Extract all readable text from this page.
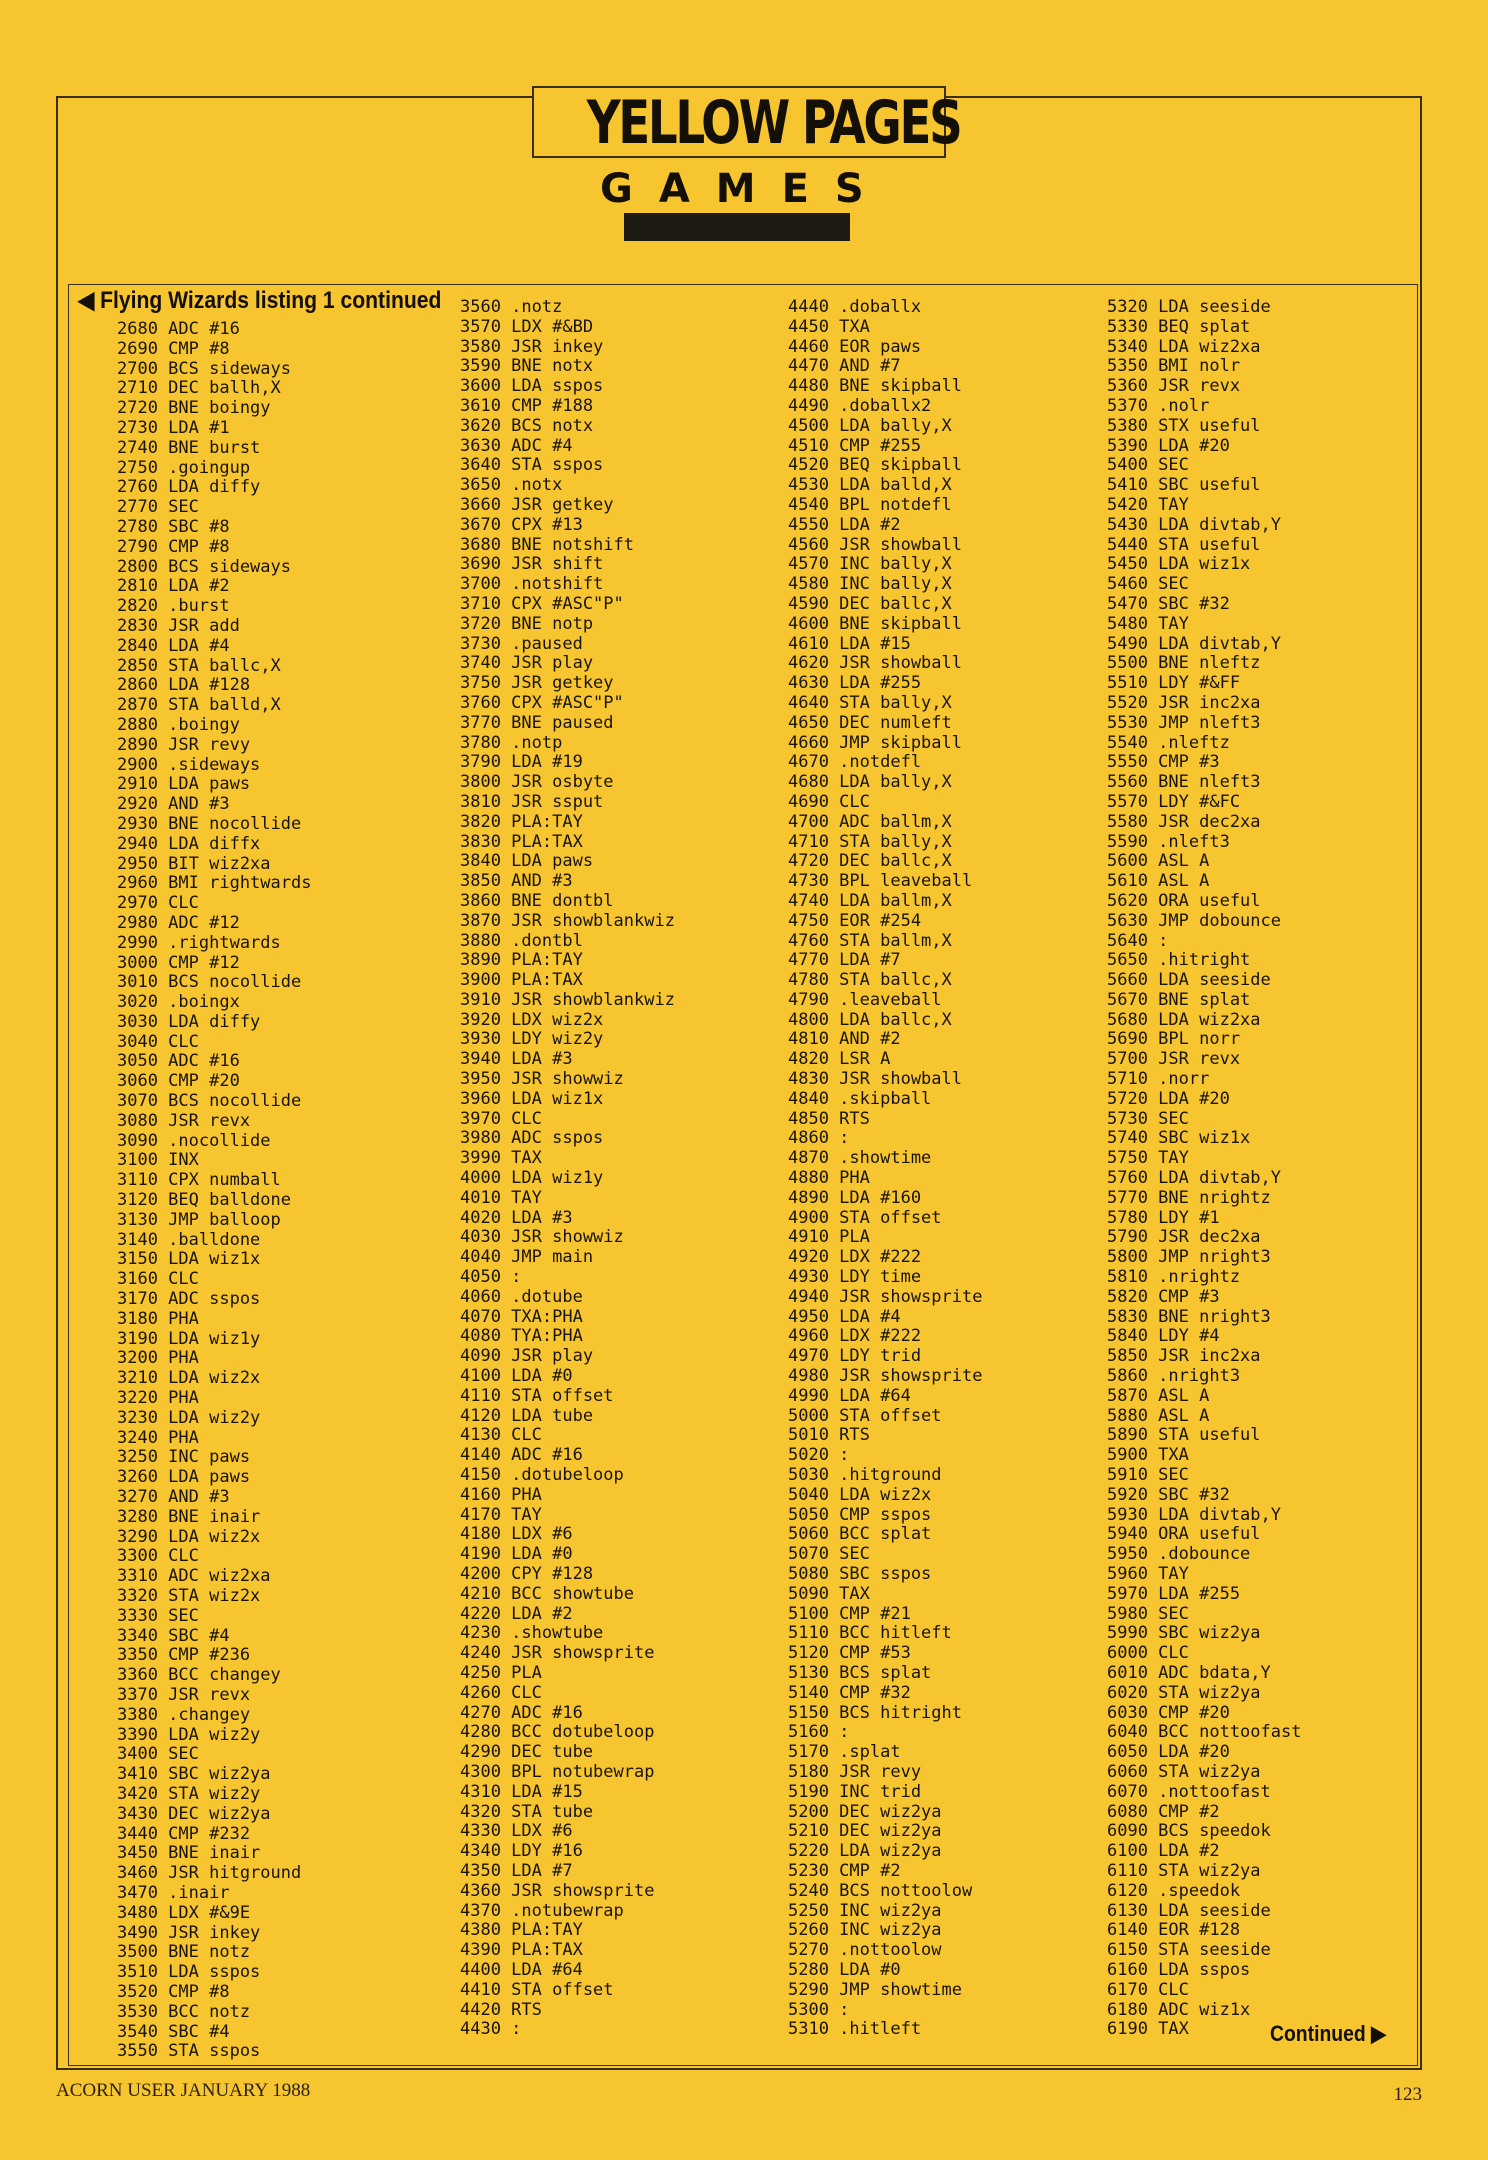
YELLOW PAGES
GAMES
◀ Flying Wizards listing 1 continued
2680 ADC #16
2690 CMP #8
2700 BCS sideways
2710 DEC ballh,X
2720 BNE boingy
2730 LDA #1
2740 BNE burst
2750 .goingup
2760 LDA diffy
2770 SEC
2780 SBC #8
2790 CMP #8
2800 BCS sideways
2810 LDA #2
2820 .burst
2830 JSR add
2840 LDA #4
2850 STA ballc,X
2860 LDA #128
2870 STA balld,X
2880 .boingy
2890 JSR revy
2900 .sideways
2910 LDA paws
2920 AND #3
2930 BNE nocollide
2940 LDA diffx
2950 BIT wiz2xa
2960 BMI rightwards
2970 CLC
2980 ADC #12
2990 .rightwards
3000 CMP #12
3010 BCS nocollide
3020 .boingx
3030 LDA diffy
3040 CLC
3050 ADC #16
3060 CMP #20
3070 BCS nocollide
3080 JSR revx
3090 .nocollide
3100 INX
3110 CPX numball
3120 BEQ balldone
3130 JMP balloop
3140 .balldone
3150 LDA wiz1x
3160 CLC
3170 ADC sspos
3180 PHA
3190 LDA wiz1y
3200 PHA
3210 LDA wiz2x
3220 PHA
3230 LDA wiz2y
3240 PHA
3250 INC paws
3260 LDA paws
3270 AND #3
3280 BNE inair
3290 LDA wiz2x
3300 CLC
3310 ADC wiz2xa
3320 STA wiz2x
3330 SEC
3340 SBC #4
3350 CMP #236
3360 BCC changey
3370 JSR revx
3380 .changey
3390 LDA wiz2y
3400 SEC
3410 SBC wiz2ya
3420 STA wiz2y
3430 DEC wiz2ya
3440 CMP #232
3450 BNE inair
3460 JSR hitground
3470 .inair
3480 LDX #&9E
3490 JSR inkey
3500 BNE notz
3510 LDA sspos
3520 CMP #8
3530 BCC notz
3540 SBC #4
3550 STA sspos
3560 .notz
3570 LDX #&BD
3580 JSR inkey
3590 BNE notx
3600 LDA sspos
3610 CMP #188
3620 BCS notx
3630 ADC #4
3640 STA sspos
3650 .notx
3660 JSR getkey
3670 CPX #13
3680 BNE notshift
3690 JSR shift
3700 .notshift
3710 CPX #ASC"P"
3720 BNE notp
3730 .paused
3740 JSR play
3750 JSR getkey
3760 CPX #ASC"P"
3770 BNE paused
3780 .notp
3790 LDA #19
3800 JSR osbyte
3810 JSR ssput
3820 PLA:TAY
3830 PLA:TAX
3840 LDA paws
3850 AND #3
3860 BNE dontbl
3870 JSR showblankwiz
3880 .dontbl
3890 PLA:TAY
3900 PLA:TAX
3910 JSR showblankwiz
3920 LDX wiz2x
3930 LDY wiz2y
3940 LDA #3
3950 JSR showwiz
3960 LDA wiz1x
3970 CLC
3980 ADC sspos
3990 TAX
4000 LDA wiz1y
4010 TAY
4020 LDA #3
4030 JSR showwiz
4040 JMP main
4050 :
4060 .dotube
4070 TXA:PHA
4080 TYA:PHA
4090 JSR play
4100 LDA #0
4110 STA offset
4120 LDA tube
4130 CLC
4140 ADC #16
4150 .dotubeloop
4160 PHA
4170 TAY
4180 LDX #6
4190 LDA #0
4200 CPY #128
4210 BCC showtube
4220 LDA #2
4230 .showtube
4240 JSR showsprite
4250 PLA
4260 CLC
4270 ADC #16
4280 BCC dotubeloop
4290 DEC tube
4300 BPL notubewrap
4310 LDA #15
4320 STA tube
4330 LDX #6
4340 LDY #16
4350 LDA #7
4360 JSR showsprite
4370 .notubewrap
4380 PLA:TAY
4390 PLA:TAX
4400 LDA #64
4410 STA offset
4420 RTS
4430 :
4440 .doballx
4450 TXA
4460 EOR paws
4470 AND #7
4480 BNE skipball
4490 .doballx2
4500 LDA bally,X
4510 CMP #255
4520 BEQ skipball
4530 LDA balld,X
4540 BPL notdefl
4550 LDA #2
4560 JSR showball
4570 INC bally,X
4580 INC bally,X
4590 DEC ballc,X
4600 BNE skipball
4610 LDA #15
4620 JSR showball
4630 LDA #255
4640 STA bally,X
4650 DEC numleft
4660 JMP skipball
4670 .notdefl
4680 LDA bally,X
4690 CLC
4700 ADC ballm,X
4710 STA bally,X
4720 DEC ballc,X
4730 BPL leaveball
4740 LDA ballm,X
4750 EOR #254
4760 STA ballm,X
4770 LDA #7
4780 STA ballc,X
4790 .leaveball
4800 LDA ballc,X
4810 AND #2
4820 LSR A
4830 JSR showball
4840 .skipball
4850 RTS
4860 :
4870 .showtime
4880 PHA
4890 LDA #160
4900 STA offset
4910 PLA
4920 LDX #222
4930 LDY time
4940 JSR showsprite
4950 LDA #4
4960 LDX #222
4970 LDY trid
4980 JSR showsprite
4990 LDA #64
5000 STA offset
5010 RTS
5020 :
5030 .hitground
5040 LDA wiz2x
5050 CMP sspos
5060 BCC splat
5070 SEC
5080 SBC sspos
5090 TAX
5100 CMP #21
5110 BCC hitleft
5120 CMP #53
5130 BCS splat
5140 CMP #32
5150 BCS hitright
5160 :
5170 .splat
5180 JSR revy
5190 INC trid
5200 DEC wiz2ya
5210 DEC wiz2ya
5220 LDA wiz2ya
5230 CMP #2
5240 BCS nottoolow
5250 INC wiz2ya
5260 INC wiz2ya
5270 .nottoolow
5280 LDA #0
5290 JMP showtime
5300 :
5310 .hitleft
5320 LDA seeside
5330 BEQ splat
5340 LDA wiz2xa
5350 BMI nolr
5360 JSR revx
5370 .nolr
5380 STX useful
5390 LDA #20
5400 SEC
5410 SBC useful
5420 TAY
5430 LDA divtab,Y
5440 STA useful
5450 LDA wiz1x
5460 SEC
5470 SBC #32
5480 TAY
5490 LDA divtab,Y
5500 BNE nleftz
5510 LDY #&FF
5520 JSR inc2xa
5530 JMP nleft3
5540 .nleftz
5550 CMP #3
5560 BNE nleft3
5570 LDY #&FC
5580 JSR dec2xa
5590 .nleft3
5600 ASL A
5610 ASL A
5620 ORA useful
5630 JMP dobounce
5640 :
5650 .hitright
5660 LDA seeside
5670 BNE splat
5680 LDA wiz2xa
5690 BPL norr
5700 JSR revx
5710 .norr
5720 LDA #20
5730 SEC
5740 SBC wiz1x
5750 TAY
5760 LDA divtab,Y
5770 BNE nrightz
5780 LDY #1
5790 JSR dec2xa
5800 JMP nright3
5810 .nrightz
5820 CMP #3
5830 BNE nright3
5840 LDY #4
5850 JSR inc2xa
5860 .nright3
5870 ASL A
5880 ASL A
5890 STA useful
5900 TXA
5910 SEC
5920 SBC #32
5930 LDA divtab,Y
5940 ORA useful
5950 .dobounce
5960 TAY
5970 LDA #255
5980 SEC
5990 SBC wiz2ya
6000 CLC
6010 ADC bdata,Y
6020 STA wiz2ya
6030 CMP #20
6040 BCC nottoofast
6050 LDA #20
6060 STA wiz2ya
6070 .nottoofast
6080 CMP #2
6090 BCS speedok
6100 LDA #2
6110 STA wiz2ya
6120 .speedok
6130 LDA seeside
6140 EOR #128
6150 STA seeside
6160 LDA sspos
6170 CLC
6180 ADC wiz1x
6190 TAX	Continued ▶
ACORN USER JANUARY 1988	123
